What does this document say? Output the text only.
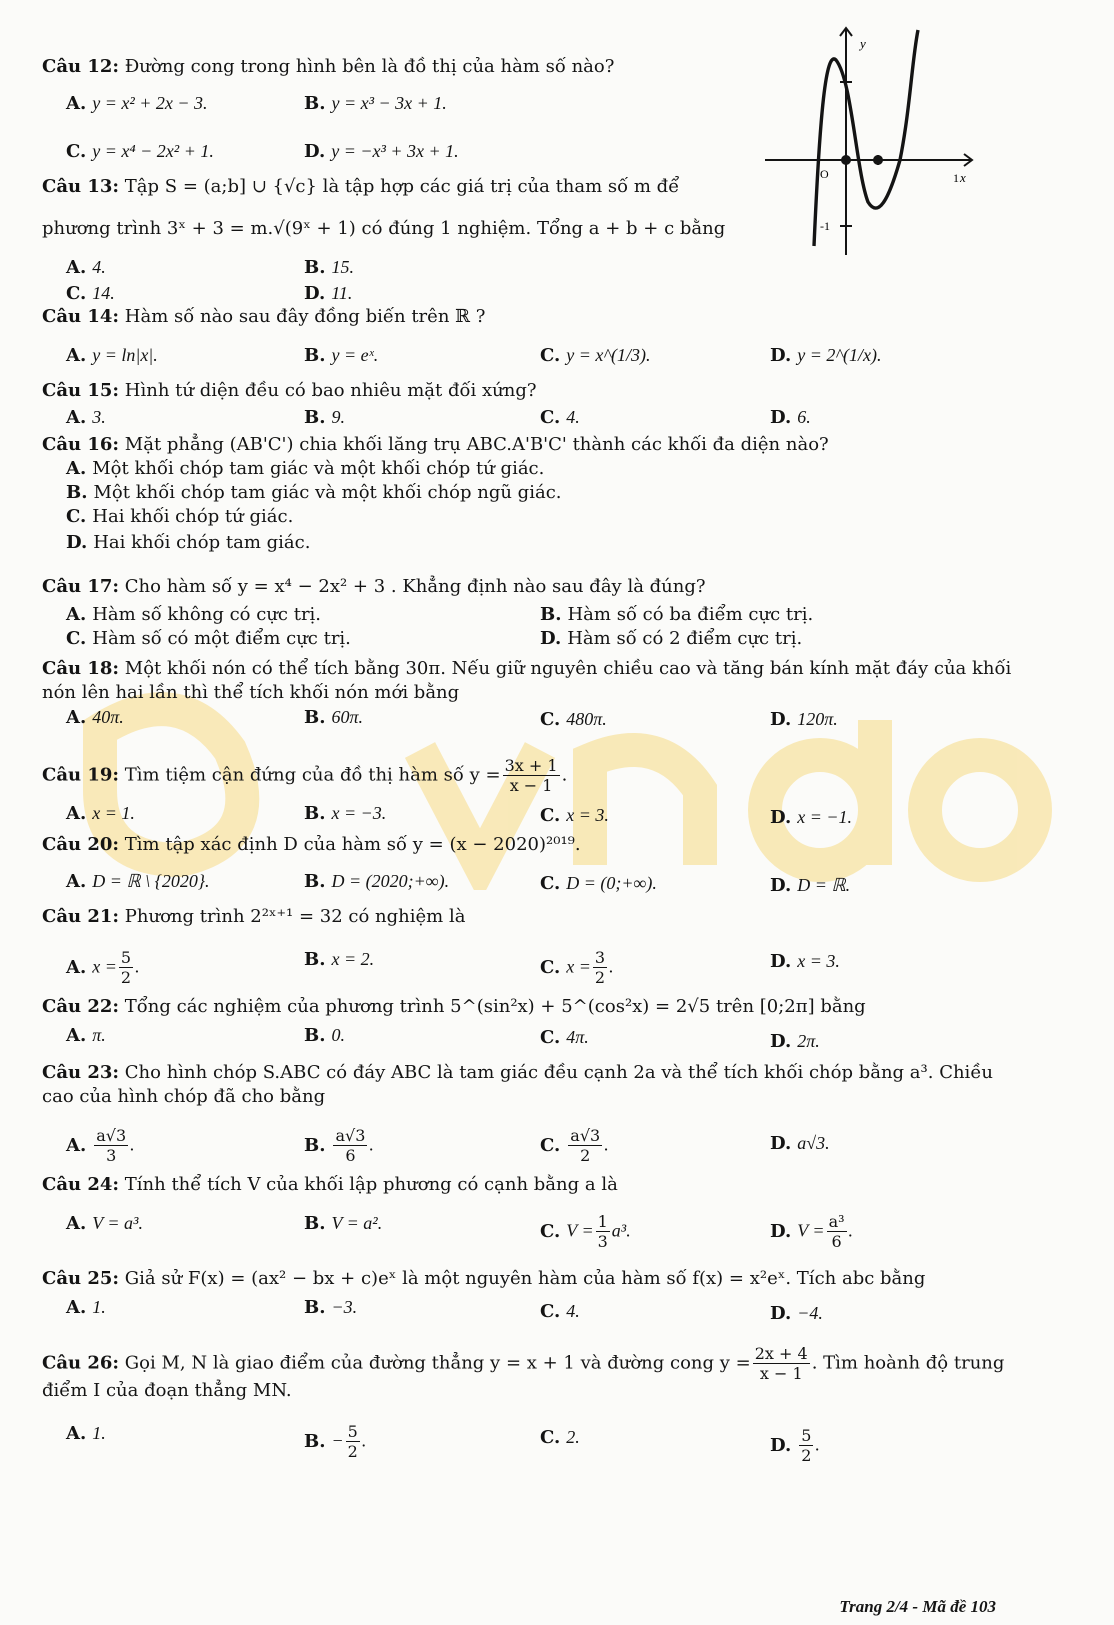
y
x
O	1
-1
Câu 12: Đường cong trong hình bên là đồ thị của hàm số nào?
A. y = x² + 2x − 3.	B. y = x³ − 3x + 1.
C. y = x⁴ − 2x² + 1.	D. y = −x³ + 3x + 1.
Câu 13: Tập S = (a;b] ∪ {√c} là tập hợp các giá trị của tham số m để
phương trình 3ˣ + 3 = m.√(9ˣ + 1) có đúng 1 nghiệm. Tổng a + b + c bằng
A. 4.	B. 15.
C. 14.	D. 11.
Câu 14: Hàm số nào sau đây đồng biến trên ℝ ?
A. y = ln|x|.	B. y = eˣ.	C. y = x^(1/3).	D. y = 2^(1/x).
Câu 15: Hình tứ diện đều có bao nhiêu mặt đối xứng?
A. 3.	B. 9.	C. 4.	D. 6.
Câu 16: Mặt phẳng (AB'C') chia khối lăng trụ ABC.A'B'C' thành các khối đa diện nào?
A. Một khối chóp tam giác và một khối chóp tứ giác.
B. Một khối chóp tam giác và một khối chóp ngũ giác.
C. Hai khối chóp tứ giác.
D. Hai khối chóp tam giác.
Câu 17: Cho hàm số y = x⁴ − 2x² + 3 . Khẳng định nào sau đây là đúng?
A. Hàm số không có cực trị.	B. Hàm số có ba điểm cực trị.
C. Hàm số có một điểm cực trị.	D. Hàm số có 2 điểm cực trị.
Câu 18: Một khối nón có thể tích bằng 30π. Nếu giữ nguyên chiều cao và tăng bán kính mặt đáy của khối
nón lên hai lần thì thể tích khối nón mới bằng
A. 40π.	B. 60π.	C. 480π.	D. 120π.
Câu 19: Tìm tiệm cận đứng của đồ thị hàm số $y = \frac{3x + 1}{x - 1}$ .
A. x = 1.	B. x = −3.	C. x = 3.	D. x = −1.
Câu 20: Tìm tập xác định D của hàm số y = (x − 2020)²⁰¹⁹.
A. D = ℝ \ {2020}.	B. D = (2020;+∞).	C. D = (0;+∞).	D. D = ℝ.
Câu 21: Phương trình 2²ˣ⁺¹ = 32 có nghiệm là
A. $x = \frac{5}{2}$ .	B. x = 2.	C. $x = \frac{3}{2}$ .	D. x = 3.
Câu 22: Tổng các nghiệm của phương trình 5^(sin²x) + 5^(cos²x) = 2√5 trên [0;2π] bằng
A. π.	B. 0.	C. 4π.	D. 2π.
Câu 23: Cho hình chóp S.ABC có đáy ABC là tam giác đều cạnh 2a và thể tích khối chóp bằng a³. Chiều
cao của hình chóp đã cho bằng
A. $\frac{a√3}{3}$ .	B. $\frac{a√3}{6}$ .	C. $\frac{a√3}{2}$ .	D. a√3.
Câu 24: Tính thể tích V của khối lập phương có cạnh bằng a là
A. V = a³.	B. V = a².	C. $V = \frac{1}{3} a^3$.	D. $V = \frac{\text{a³}}{6}$ .
Câu 25: Giả sử F(x) = (ax² − bx + c)eˣ là một nguyên hàm của hàm số f(x) = x²eˣ. Tích abc bằng
A. 1.	B. −3.	C. 4.	D. −4.
Câu 26: Gọi M, N là giao điểm của đường thẳng y = x + 1 và đường cong $y = \frac{2x + 4}{x - 1}$ . Tìm hoành độ trung
điểm I của đoạn thẳng MN.
A. 1.	B. − $\frac{5}{2}$ .	C. 2.	D. $\frac{5}{2}$ .
Trang 2/4 - Mã đề 103
